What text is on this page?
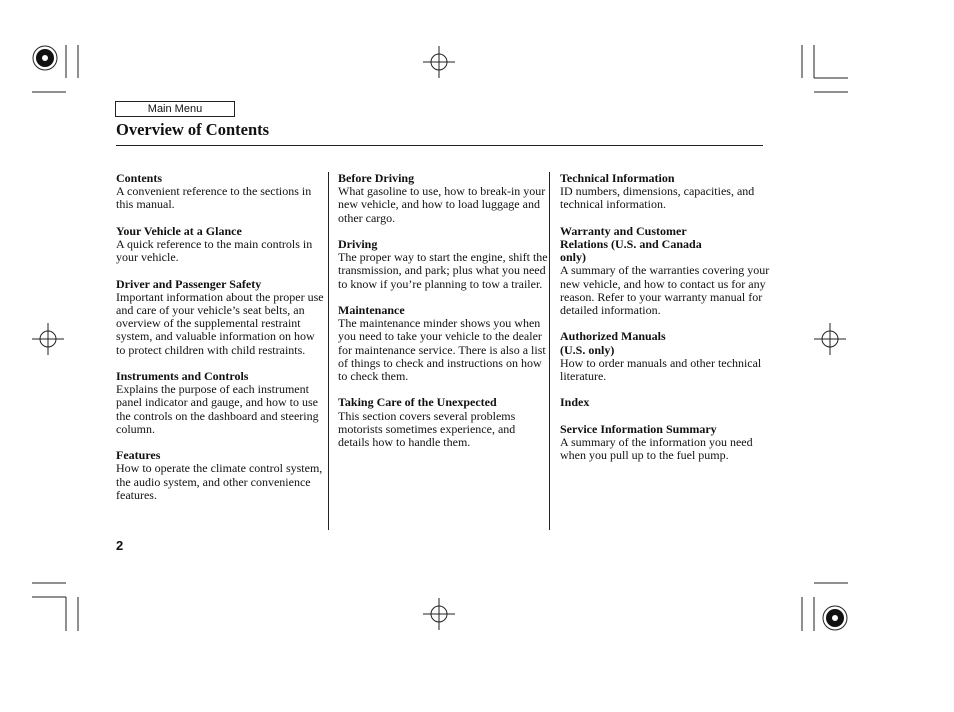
Main Menu
Overview of Contents
Contents

A convenient reference to the sections in this manual.

Your Vehicle at a Glance

A quick reference to the main controls in your vehicle.

Driver and Passenger Safety

Important information about the proper use and care of your vehicle’s seat belts, an overview of the supplemental restraint system, and valuable information on how to protect children with child restraints.

Instruments and Controls

Explains the purpose of each instrument panel indicator and gauge, and how to use the controls on the dashboard and steering column.

Features

How to operate the climate control system, the audio system, and other convenience features.

Before Driving

What gasoline to use, how to break-in your new vehicle, and how to load luggage and other cargo.

Driving

The proper way to start the engine, shift the transmission, and park; plus what you need to know if you’re planning to tow a trailer.

Maintenance

The maintenance minder shows you when you need to take your vehicle to the dealer for maintenance service. There is also a list of things to check and instructions on how to check them.

Taking Care of the Unexpected

This section covers several problems motorists sometimes experience, and details how to handle them.

Technical Information

ID numbers, dimensions, capacities, and technical information.

Warranty and Customer Relations (U.S. and Canada only)

A summary of the warranties covering your new vehicle, and how to contact us for any reason. Refer to your warranty manual for detailed information.

Authorized Manuals (U.S. only)

How to order manuals and other technical literature.

Index

Service Information Summary

A summary of the information you need when you pull up to the fuel pump.

2
